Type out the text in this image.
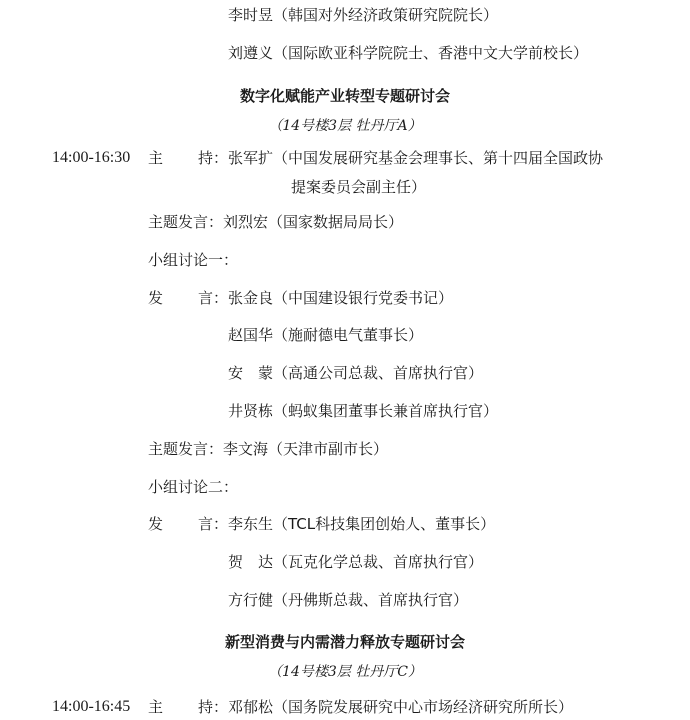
李时昱（韩国对外经济政策研究院院长）
刘遵义（国际欧亚科学院院士、香港中文大学前校长）
数字化赋能产业转型专题研讨会
（14号楼3层 牡丹厅A）
14:00-16:30 主 持： 张军扩（中国发展研究基金会理事长、第十四届全国政协
提案委员会副主任）
主题发言：刘烈宏（国家数据局局长）
小组讨论一：
发 言： 张金良（中国建设银行党委书记）
赵国华（施耐德电气董事长）
安　蒙（高通公司总裁、首席执行官）
井贤栋（蚂蚁集团董事长兼首席执行官）
主题发言：李文海（天津市副市长）
小组讨论二：
发 言： 李东生（TCL科技集团创始人、董事长）
贺　达（瓦克化学总裁、首席执行官）
方行健（丹佛斯总裁、首席执行官）
新型消费与内需潜力释放专题研讨会
（14号楼3层 牡丹厅C）
14:00-16:45 主 持： 邓郁松（国务院发展研究中心市场经济研究所所长）
